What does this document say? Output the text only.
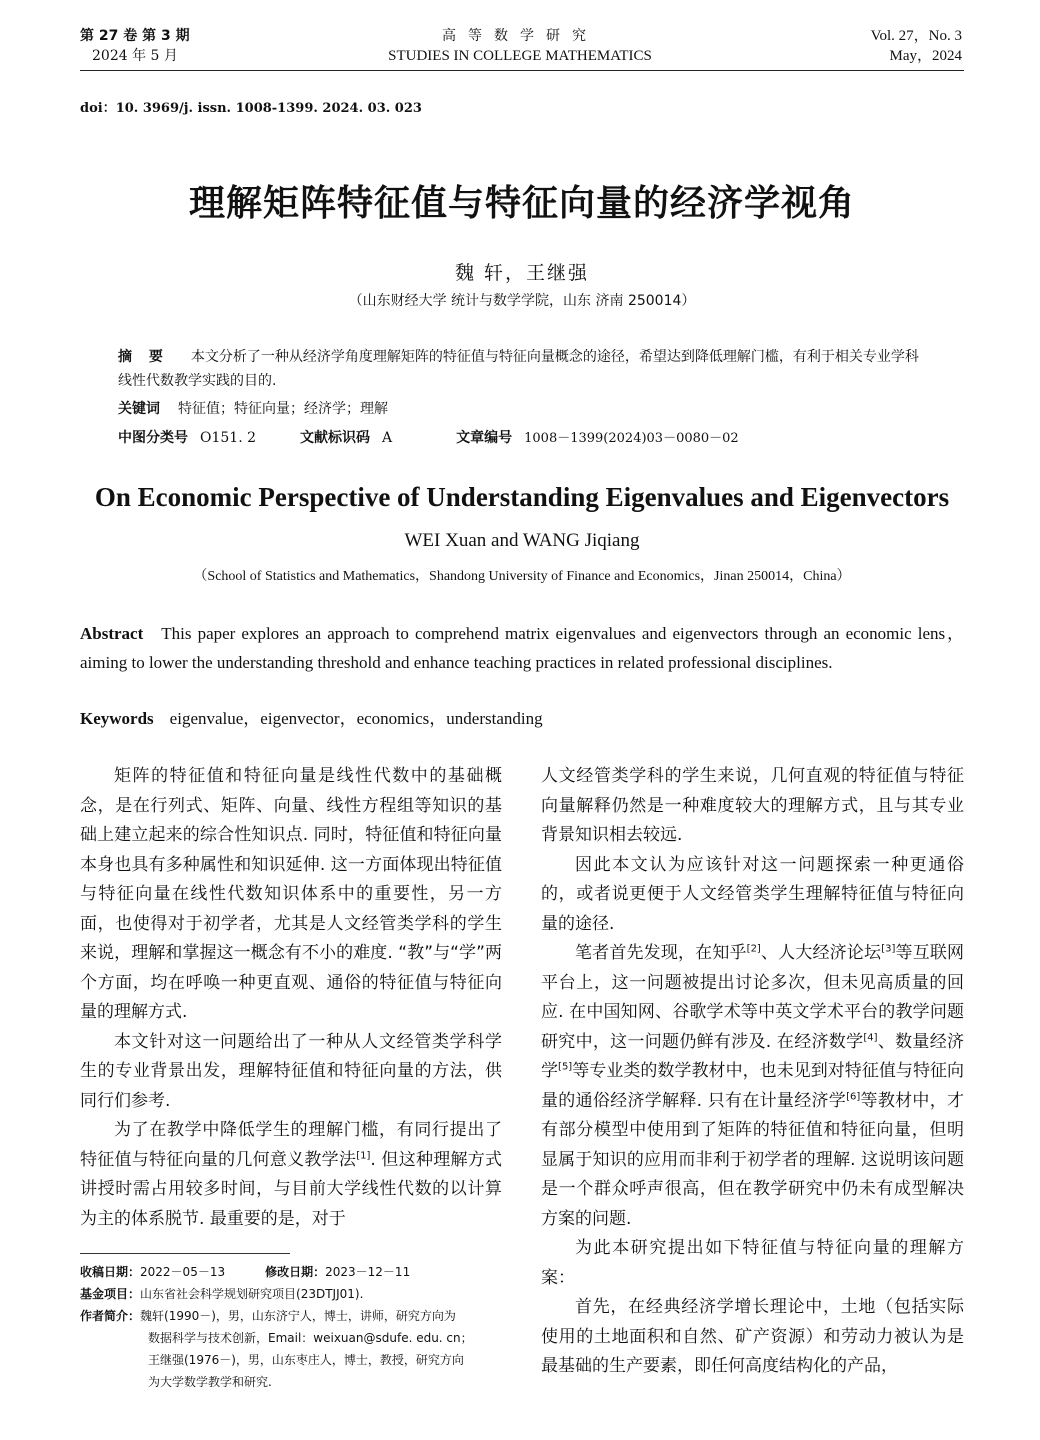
第 27 卷 第 3 期
2024 年 5 月
高等数学研究
STUDIES IN COLLEGE MATHEMATICS
Vol. 27，No. 3
May，2024
doi：10. 3969/j. issn. 1008-1399. 2024. 03. 023
理解矩阵特征值与特征向量的经济学视角
魏 轩，王继强
（山东财经大学 统计与数学学院，山东 济南 250014）
摘 要 本文分析了一种从经济学角度理解矩阵的特征值与特征向量概念的途径，希望达到降低理解门槛，有利于相关专业学科线性代数教学实践的目的.
关键词 特征值；特征向量；经济学；理解
中图分类号 O151. 2	文献标识码 A	文章编号 1008－1399(2024)03－0080－02
On Economic Perspective of Understanding Eigenvalues and Eigenvectors
WEI Xuan and WANG Jiqiang
（School of Statistics and Mathematics，Shandong University of Finance and Economics，Jinan 250014，China）
Abstract This paper explores an approach to comprehend matrix eigenvalues and eigenvectors through an economic lens，aiming to lower the understanding threshold and enhance teaching practices in related professional disciplines.
Keywords eigenvalue，eigenvector，economics，understanding

矩阵的特征值和特征向量是线性代数中的基础概念，是在行列式、矩阵、向量、线性方程组等知识的基础上建立起来的综合性知识点. 同时，特征值和特征向量本身也具有多种属性和知识延伸. 这一方面体现出特征值与特征向量在线性代数知识体系中的重要性，另一方面，也使得对于初学者，尤其是人文经管类学科的学生来说，理解和掌握这一概念有不小的难度. “教”与“学”两个方面，均在呼唤一种更直观、通俗的特征值与特征向量的理解方式.

本文针对这一问题给出了一种从人文经管类学科学生的专业背景出发，理解特征值和特征向量的方法，供同行们参考.

为了在教学中降低学生的理解门槛，有同行提出了特征值与特征向量的几何意义教学法[1]. 但这种理解方式讲授时需占用较多时间，与目前大学线性代数的以计算为主的体系脱节. 最重要的是，对于

人文经管类学科的学生来说，几何直观的特征值与特征向量解释仍然是一种难度较大的理解方式，且与其专业背景知识相去较远.

因此本文认为应该针对这一问题探索一种更通俗的，或者说更便于人文经管类学生理解特征值与特征向量的途径.

笔者首先发现，在知乎[2]、人大经济论坛[3]等互联网平台上，这一问题被提出讨论多次，但未见高质量的回应. 在中国知网、谷歌学术等中英文学术平台的教学问题研究中，这一问题仍鲜有涉及. 在经济数学[4]、数量经济学[5]等专业类的数学教材中，也未见到对特征值与特征向量的通俗经济学解释. 只有在计量经济学[6]等教材中，才有部分模型中使用到了矩阵的特征值和特征向量，但明显属于知识的应用而非利于初学者的理解. 这说明该问题是一个群众呼声很高，但在教学研究中仍未有成型解决方案的问题.

为此本研究提出如下特征值与特征向量的理解方案：

首先，在经典经济学增长理论中，土地（包括实际使用的土地面积和自然、矿产资源）和劳动力被认为是最基础的生产要素，即任何高度结构化的产品，

收稿日期： 2022－05－13	修改日期： 2023－12－11
基金项目： 山东省社会科学规划研究项目(23DTJJ01).
作者简介： 魏轩(1990－)，男，山东济宁人，博士，讲师，研究方向为
数据科学与技术创新，Email：weixuan@sdufe. edu. cn；
王继强(1976－)，男，山东枣庄人，博士，教授，研究方向
为大学数学教学和研究.
